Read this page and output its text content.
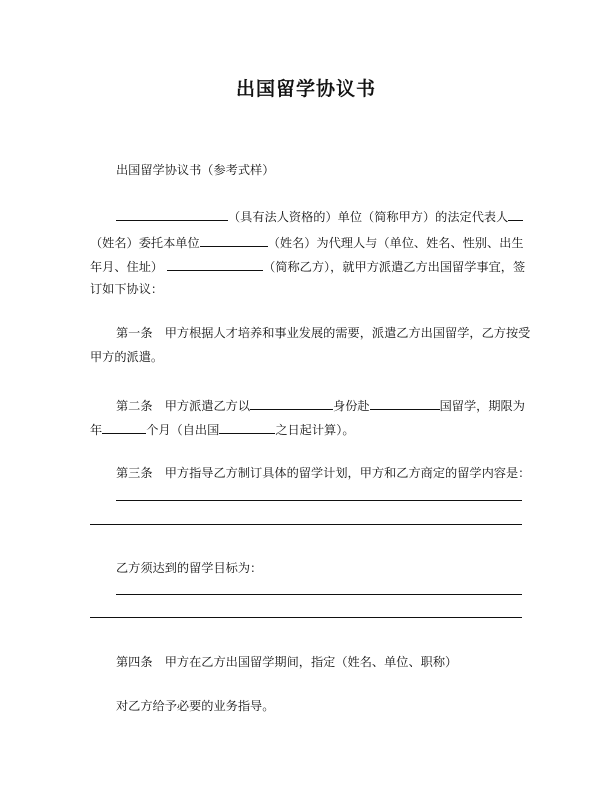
出国留学协议书
出国留学协议书（参考式样）
（具有法人资格的）单位（简称甲方）的法定代表人
（姓名）委托本单位	（姓名）为代理人与（单位、姓名、性别、出生
年月、住址）	（简称乙方），就甲方派遣乙方出国留学事宜，签
订如下协议：
第一条　甲方根据人才培养和事业发展的需要，派遣乙方出国留学，乙方按受
甲方的派遣。
第二条　甲方派遣乙方以	身份赴	国留学，期限为
年	个月（自出国	之日起计算）。
第三条　甲方指导乙方制订具体的留学计划，甲方和乙方商定的留学内容是：
乙方须达到的留学目标为：
第四条　甲方在乙方出国留学期间，指定（姓名、单位、职称）
对乙方给予必要的业务指导。
